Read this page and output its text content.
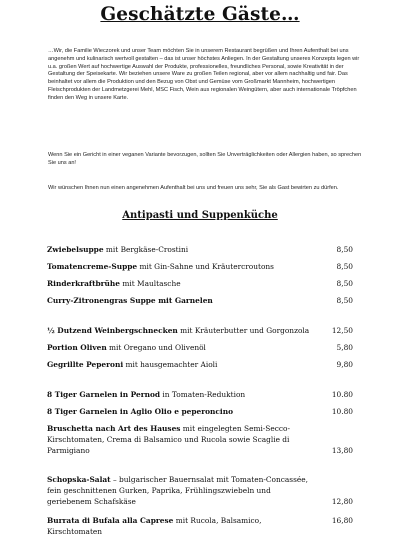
Geschätzte Gäste…

…Wir, die Familie Wieczorek und unser Team möchten Sie in unserem Restaurant begrüßen und Ihren Aufenthalt bei uns angenehm und kulinarisch wertvoll gestalten – das ist unser höchstes Anliegen. In der Gestaltung unseres Konzepts legen wir u.a. großen Wert auf hochwertige Auswahl der Produkte, professionelles, freundliches Personal, sowie Kreativität in der Gestaltung der Speisekarte. Wir beziehen unsere Ware zu großen Teilen regional, aber vor allem nachhaltig und fair. Das beinhaltet vor allem die Produktion und den Bezug von Obst und Gemüse vom Großmarkt Mannheim, hochwertigen Fleischprodukten der Landmetzgerei Mehl, MSC Fisch, Wein aus regionalen Weingütern, aber auch internationale Tröpfchen finden den Weg in unsere Karte.

Wenn Sie ein Gericht in einer veganen Variante bevorzugen, sollten Sie Unverträglichkeiten oder Allergien haben, so sprechen Sie uns an!

Wir wünschen Ihnen nun einen angenehmen Aufenthalt bei uns und freuen uns sehr, Sie als Gast bewirten zu dürfen.

Antipasti und Suppenküche
Zwiebelsuppe mit Bergkäse-Crostini	8,50
Tomatencreme-Suppe mit Gin-Sahne und Kräutercroutons	8,50
Rinderkraftbrühe mit Maultasche	8,50
Curry-Zitronengras Suppe mit Garnelen	8,50
½ Dutzend Weinbergschnecken mit Kräuterbutter und Gorgonzola	12,50
Portion Oliven mit Oregano und Olivenöl	5,80
Gegrillte Peperoni mit hausgemachter Aioli	9,80
8 Tiger Garnelen in Pernod in Tomaten-Reduktion	10.80
8 Tiger Garnelen in Aglio Olio e peperoncino	10.80
Bruschetta nach Art des Hauses mit eingelegten Semi-Secco-Kirschtomaten, Crema di Balsamico und Rucola sowie Scaglie di Parmigiano	13,80
Schopska-Salat – bulgarischer Bauernsalat mit Tomaten-Concassée, fein geschnittenen Gurken, Paprika, Frühlingszwiebeln und geriebenem Schafskäse	12,80
Burrata di Bufala alla Caprese mit Rucola, Balsamico, Kirschtomaten
16,80
